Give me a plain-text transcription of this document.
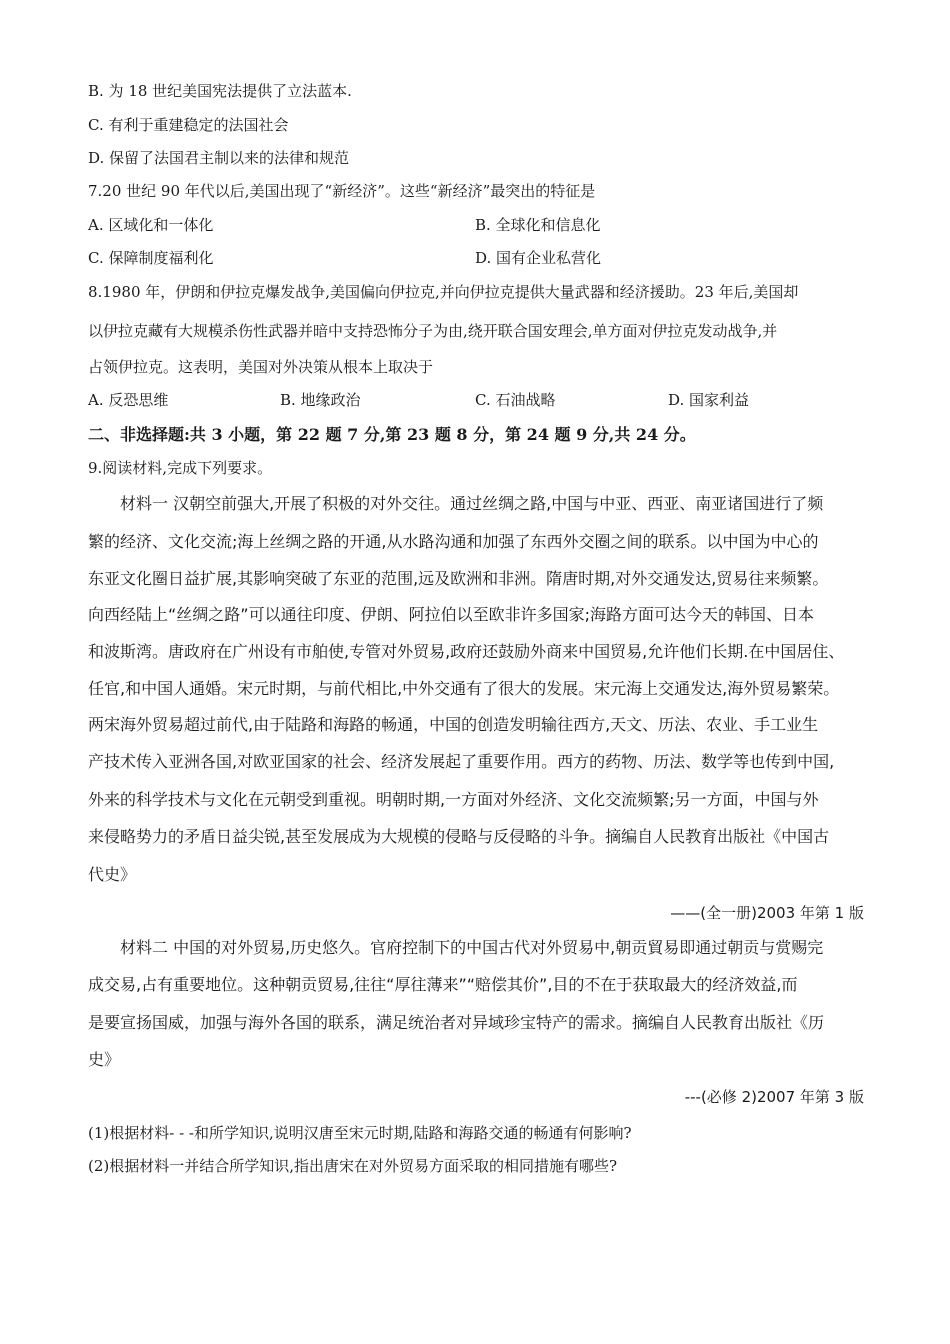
B. 为 18 世纪美国宪法提供了立法蓝本.
C. 有利于重建稳定的法国社会
D. 保留了法国君主制以来的法律和规范
7.20 世纪 90 年代以后,美国出现了“新经济”。这些“新经济”最突出的特征是
A. 区域化和一体化	B. 全球化和信息化
C. 保障制度福利化	D. 国有企业私营化
8.1980 年，伊朗和伊拉克爆发战争,美国偏向伊拉克,并向伊拉克提供大量武器和经济援助。23 年后,美国却
以伊拉克藏有大规模杀伤性武器并暗中支持恐怖分子为由,绕开联合国安理会,单方面对伊拉克发动战争,并
占领伊拉克。这表明，美国对外决策从根本上取决于
A. 反恐思维	B. 地缘政治	C. 石油战略	D. 国家利益
二、非选择题:共 3 小题，第 22 题 7 分,第 23 题 8 分，第 24 题 9 分,共 24 分。
9.阅读材料,完成下列要求。
材料一 汉朝空前强大,开展了积极的对外交往。通过丝绸之路,中国与中亚、西亚、南亚诸国进行了频
繁的经济、文化交流;海上丝绸之路的开通,从水路沟通和加强了东西外交圈之间的联系。以中国为中心的
东亚文化圈日益扩展,其影响突破了东亚的范围,远及欧洲和非洲。隋唐时期,对外交通发达,贸易往来频繁。
向西经陆上“丝绸之路”可以通往印度、伊朗、阿拉伯以至欧非许多国家;海路方面可达今天的韩国、日本
和波斯湾。唐政府在广州设有市舶使,专管对外贸易,政府还鼓励外商来中国贸易,允许他们长期.在中国居住、
任官,和中国人通婚。宋元时期，与前代相比,中外交通有了很大的发展。宋元海上交通发达,海外贸易繁荣。
两宋海外贸易超过前代,由于陆路和海路的畅通，中国的创造发明输往西方,天文、历法、农业、手工业生
产技术传入亚洲各国,对欧亚国家的社会、经济发展起了重要作用。西方的药物、历法、数学等也传到中国,
外来的科学技术与文化在元朝受到重视。明朝时期,一方面对外经济、文化交流频繁;另一方面，中国与外
来侵略势力的矛盾日益尖锐,甚至发展成为大规模的侵略与反侵略的斗争。摘编自人民教育出版社《中国古
代史》
——(全一册)2003 年第 1 版
材料二 中国的对外贸易,历史悠久。官府控制下的中国古代对外贸易中,朝贡貿易即通过朝贡与赏赐完
成交易,占有重要地位。这种朝贡贸易,往往“厚往薄来”“赔偿其价”,目的不在于获取最大的经济效益,而
是要宣扬国威，加强与海外各国的联系，满足统治者对异域珍宝特产的需求。摘编自人民教育出版社《历
史》
---(必修 2)2007 年第 3 版
(1)根据材料- - -和所学知识,说明汉唐至宋元时期,陆路和海路交通的畅通有何影响?
(2)根据材料一并结合所学知识,指出唐宋在对外贸易方面采取的相同措施有哪些?
